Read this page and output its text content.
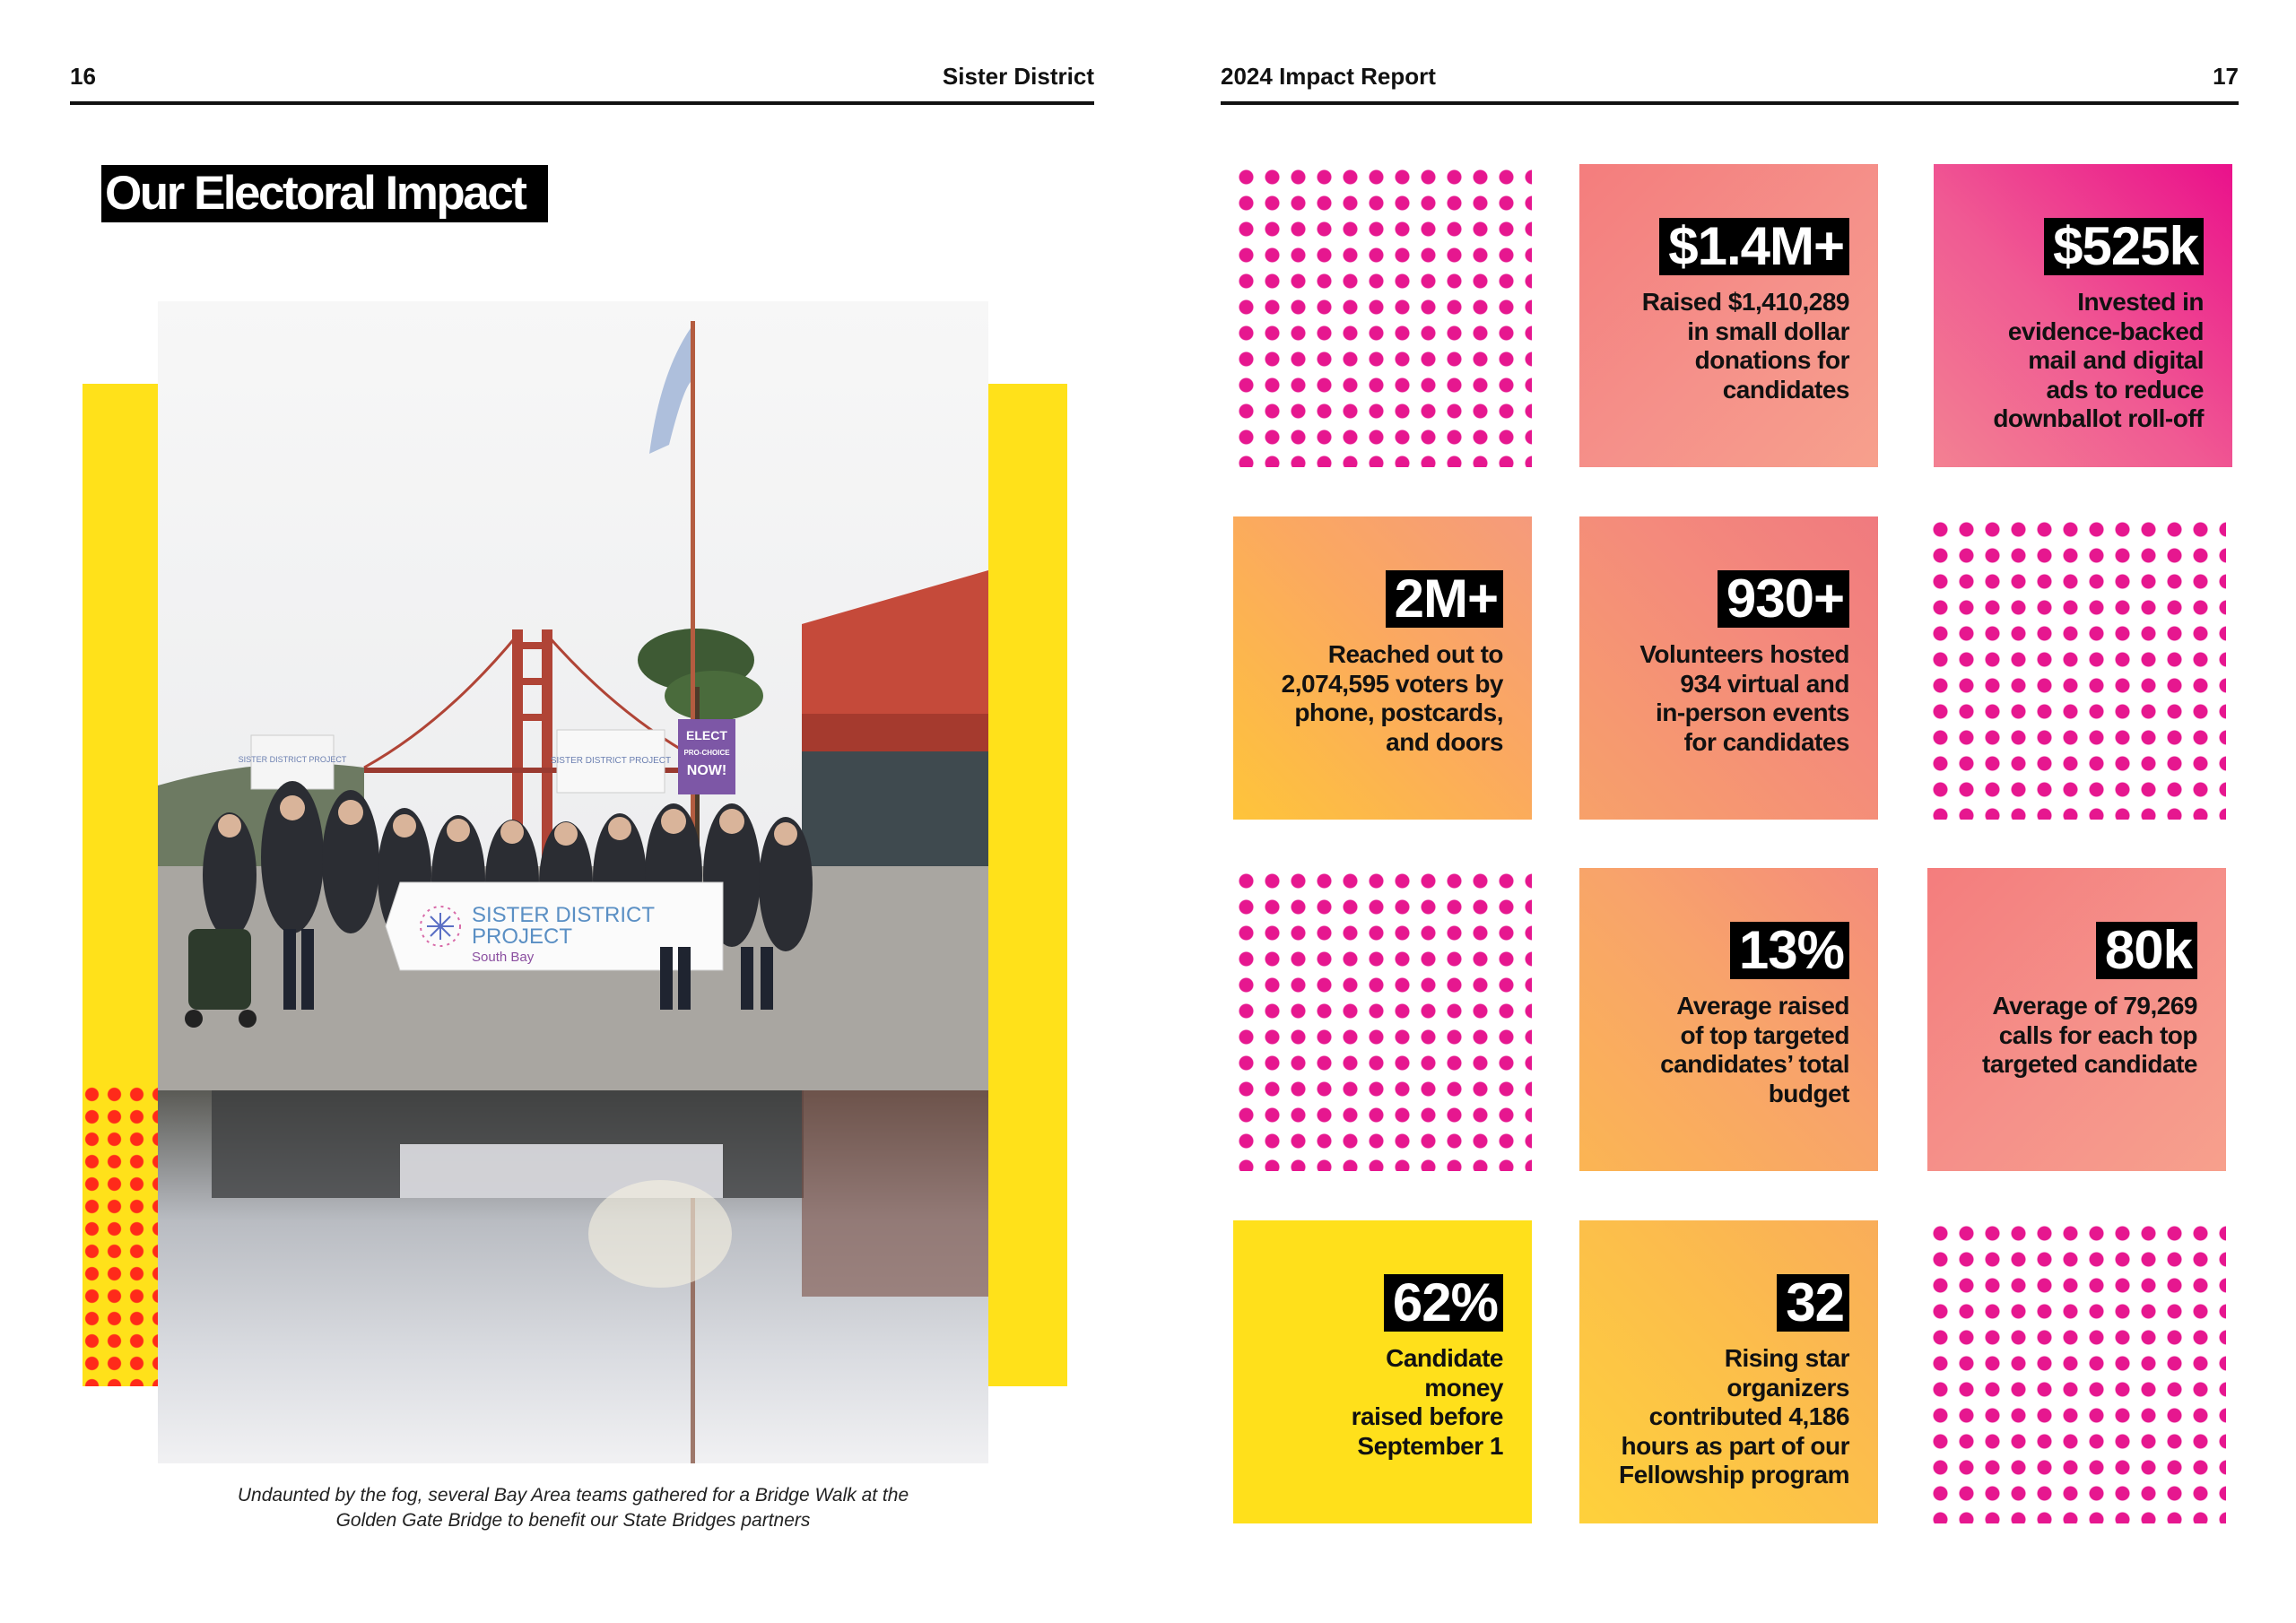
16	Sister District
Our Electoral Impact
SISTER DISTRICT PROJECT	SISTER DISTRICT PROJECT
ELECT
PRO-CHOICE
NOW!
SISTER DISTRICT
PROJECT
South Bay
Undaunted by the fog, several Bay Area teams gathered for a Bridge Walk at the
Golden Gate Bridge to benefit our State Bridges partners
2024 Impact Report	17
$1.4M+
Raised $1,410,289
in small dollar
donations for
candidates
$525k
Invested in
evidence-backed
mail and digital
ads to reduce
downballot roll-off
2M+
Reached out to
2,074,595 voters by
phone, postcards,
and doors
930+
Volunteers hosted
934 virtual and
in-person events
for candidates
13%
Average raised
of top targeted
candidates’ total
budget
80k
Average of 79,269
calls for each top
targeted candidate
62%
Candidate
money
raised before
September 1
32
Rising star
organizers
contributed 4,186
hours as part of our
Fellowship program
